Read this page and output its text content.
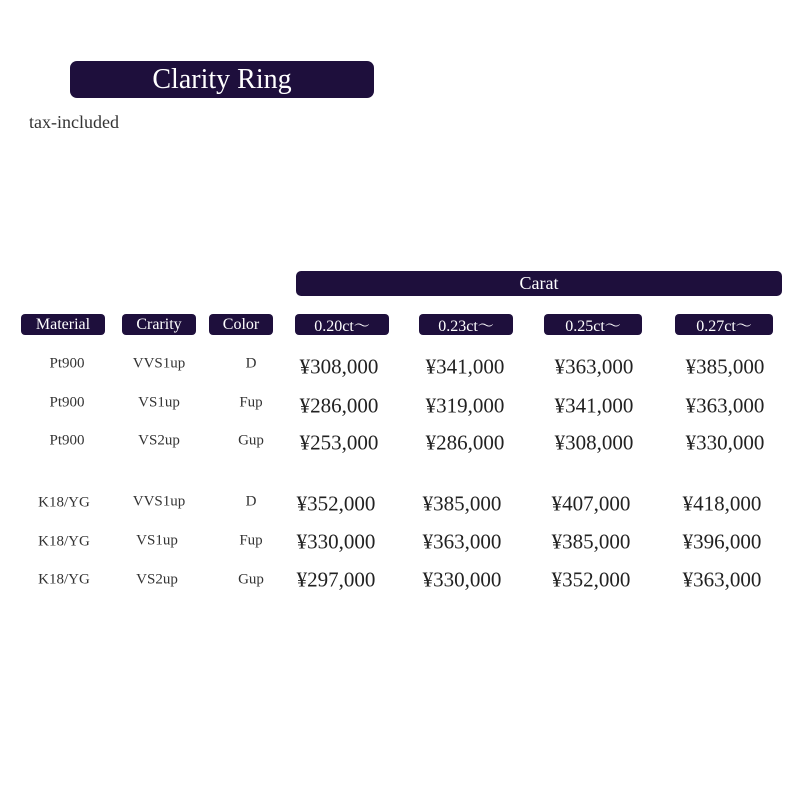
Clarity Ring
tax-included
Carat
Material	Crarity	Color	0.20ct～	0.23ct～	0.25ct～	0.27ct～
Pt900	VVS1up	D	¥308,000	¥341,000	¥363,000	¥385,000
Pt900	VS1up	Fup	¥286,000	¥319,000	¥341,000	¥363,000
Pt900	VS2up	Gup	¥253,000	¥286,000	¥308,000	¥330,000
K18/YG	VVS1up	D	¥352,000	¥385,000	¥407,000	¥418,000
K18/YG	VS1up	Fup	¥330,000	¥363,000	¥385,000	¥396,000
K18/YG	VS2up	Gup	¥297,000	¥330,000	¥352,000	¥363,000
